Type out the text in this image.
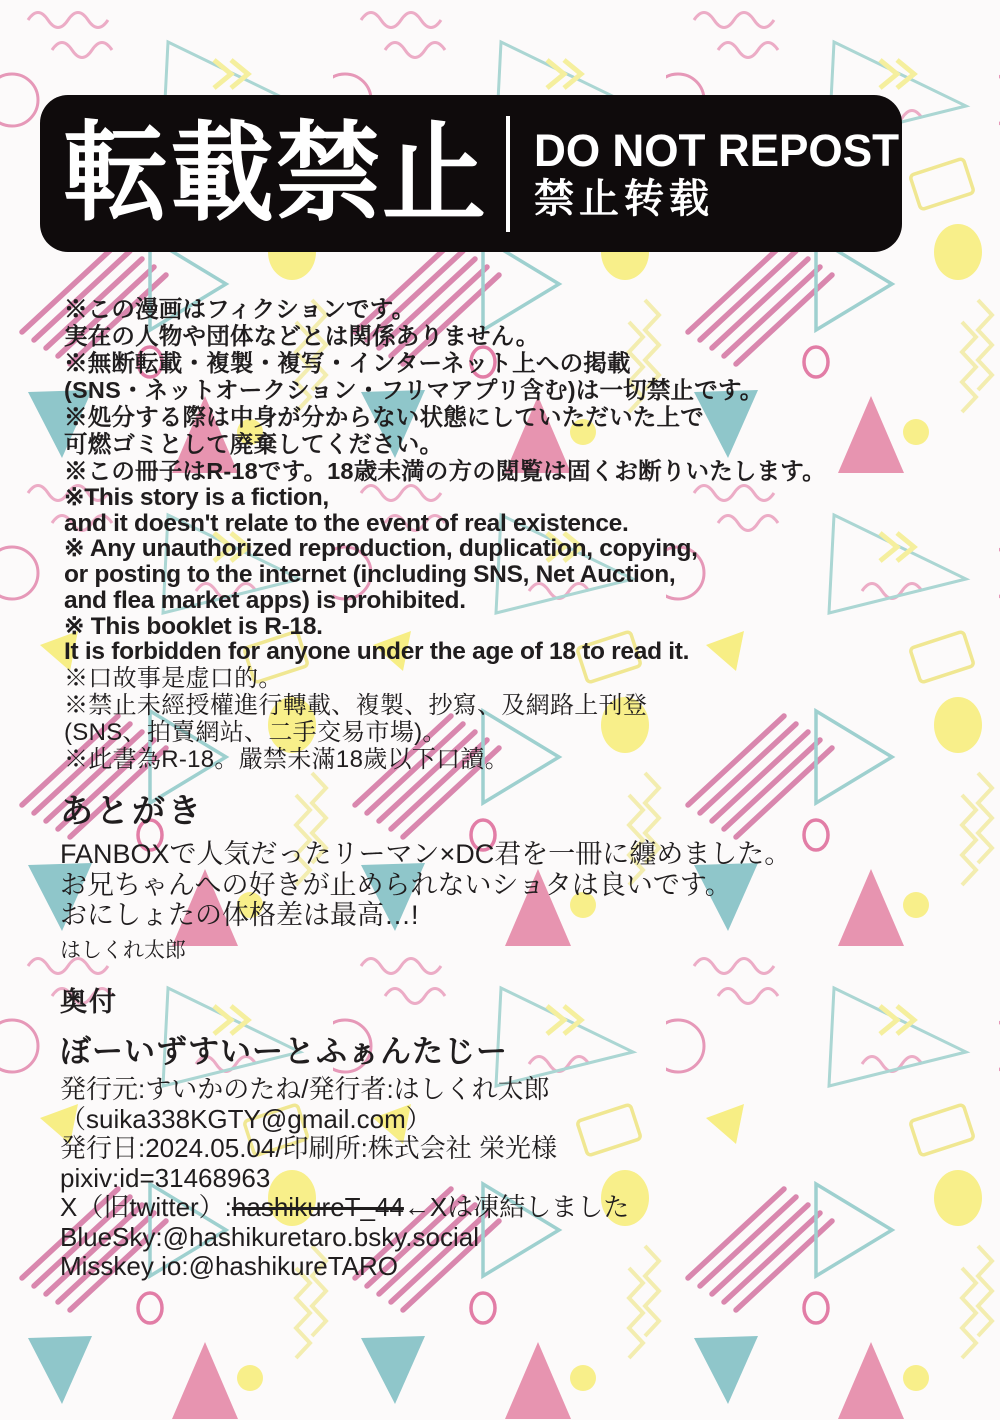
転載禁止 DO NOT REPOST
禁止转载

※この漫画はフィクションです。

実在の人物や団体などとは関係ありません。

※無断転載・複製・複写・インターネット上への掲載

(SNS・ネットオークション・フリマアプリ含む)は一切禁止です。

※処分する際は中身が分からない状態にしていただいた上で

可燃ゴミとして廃棄してください。

※この冊子はR-18です。18歳未満の方の閲覧は固くお断りいたします。

※This story is a fiction,

and it doesn't relate to the event of real existence.

※ Any unauthorized reproduction, duplication, copying,

or posting to the internet (including SNS, Net Auction,

and flea market apps) is prohibited.

※ This booklet is R-18.

It is forbidden for anyone under the age of 18 to read it.

※口故事是虚口的。

※禁止未經授權進行轉載、複製、抄寫、及網路上刊登

(SNS、拍賣網站、二手交易市場)。

※此書為R-18。嚴禁未滿18歲以下口讀。

あとがき

FANBOXで人気だったリーマン×DC君を一冊に纏めました。

お兄ちゃんへの好きが止められないショタは良いです。

おにしょたの体格差は最高…!

はしくれ太郎

奥付
ぼーいずすいーとふぁんたじー

発行元:すいかのたね/発行者:はしくれ太郎

（suika338KGTY@gmail.com）

発行日:2024.05.04/印刷所:株式会社 栄光様

pixiv:id=31468963

X（旧twitter）:hashikureT_44←Xは凍結しました

BlueSky:@hashikuretaro.bsky.social

Misskey io:@hashikureTARO
